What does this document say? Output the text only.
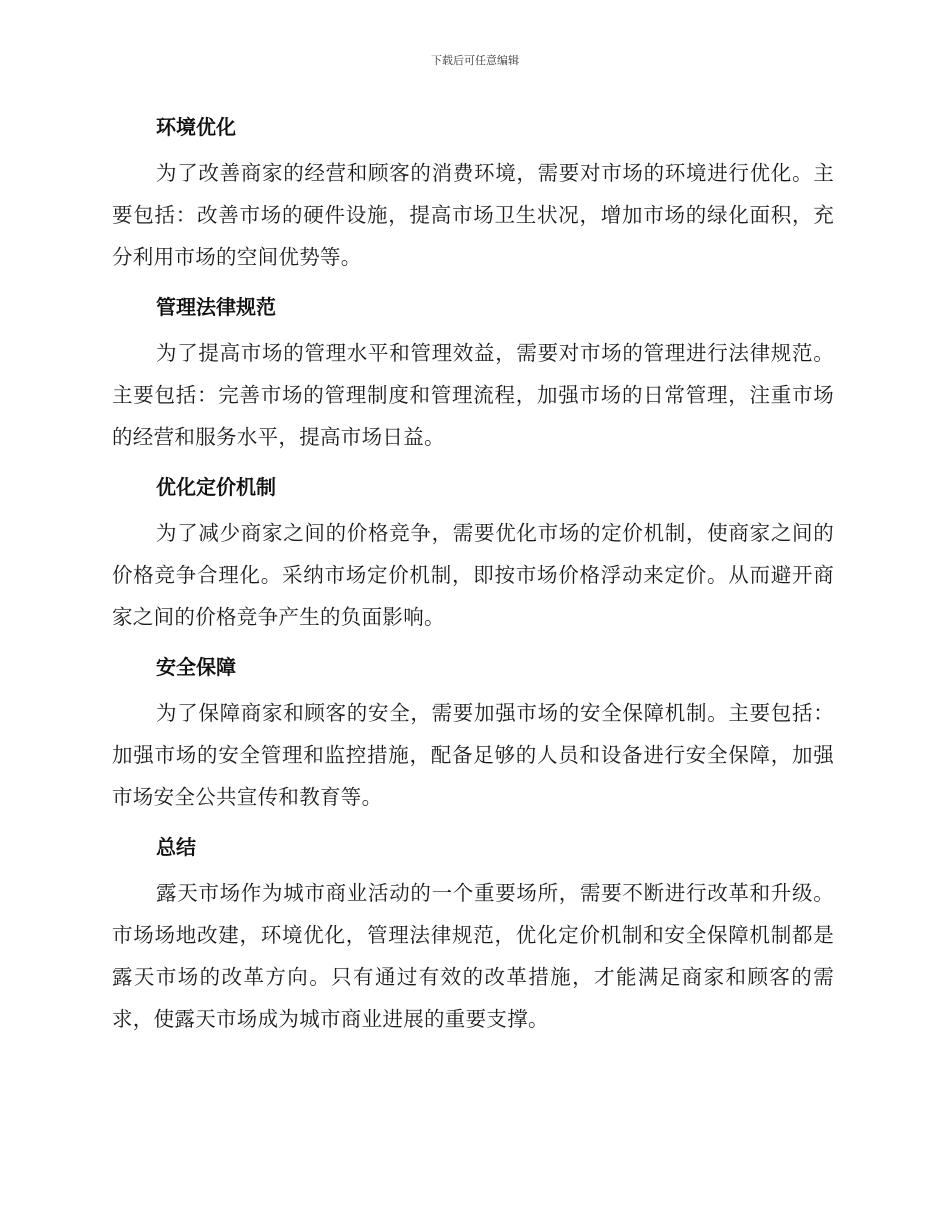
下载后可任意编辑
环境优化

为了改善商家的经营和顾客的消费环境，需要对市场的环境进行优化。主要包括：改善市场的硬件设施，提高市场卫生状况，增加市场的绿化面积，充分利用市场的空间优势等。

管理法律规范

为了提高市场的管理水平和管理效益，需要对市场的管理进行法律规范。主要包括：完善市场的管理制度和管理流程，加强市场的日常管理，注重市场的经营和服务水平，提高市场日益。

优化定价机制

为了减少商家之间的价格竞争，需要优化市场的定价机制，使商家之间的价格竞争合理化。采纳市场定价机制，即按市场价格浮动来定价。从而避开商家之间的价格竞争产生的负面影响。

安全保障

为了保障商家和顾客的安全，需要加强市场的安全保障机制。主要包括：加强市场的安全管理和监控措施，配备足够的人员和设备进行安全保障，加强市场安全公共宣传和教育等。

总结

露天市场作为城市商业活动的一个重要场所，需要不断进行改革和升级。市场场地改建，环境优化，管理法律规范，优化定价机制和安全保障机制都是露天市场的改革方向。只有通过有效的改革措施，才能满足商家和顾客的需求，使露天市场成为城市商业进展的重要支撑。
